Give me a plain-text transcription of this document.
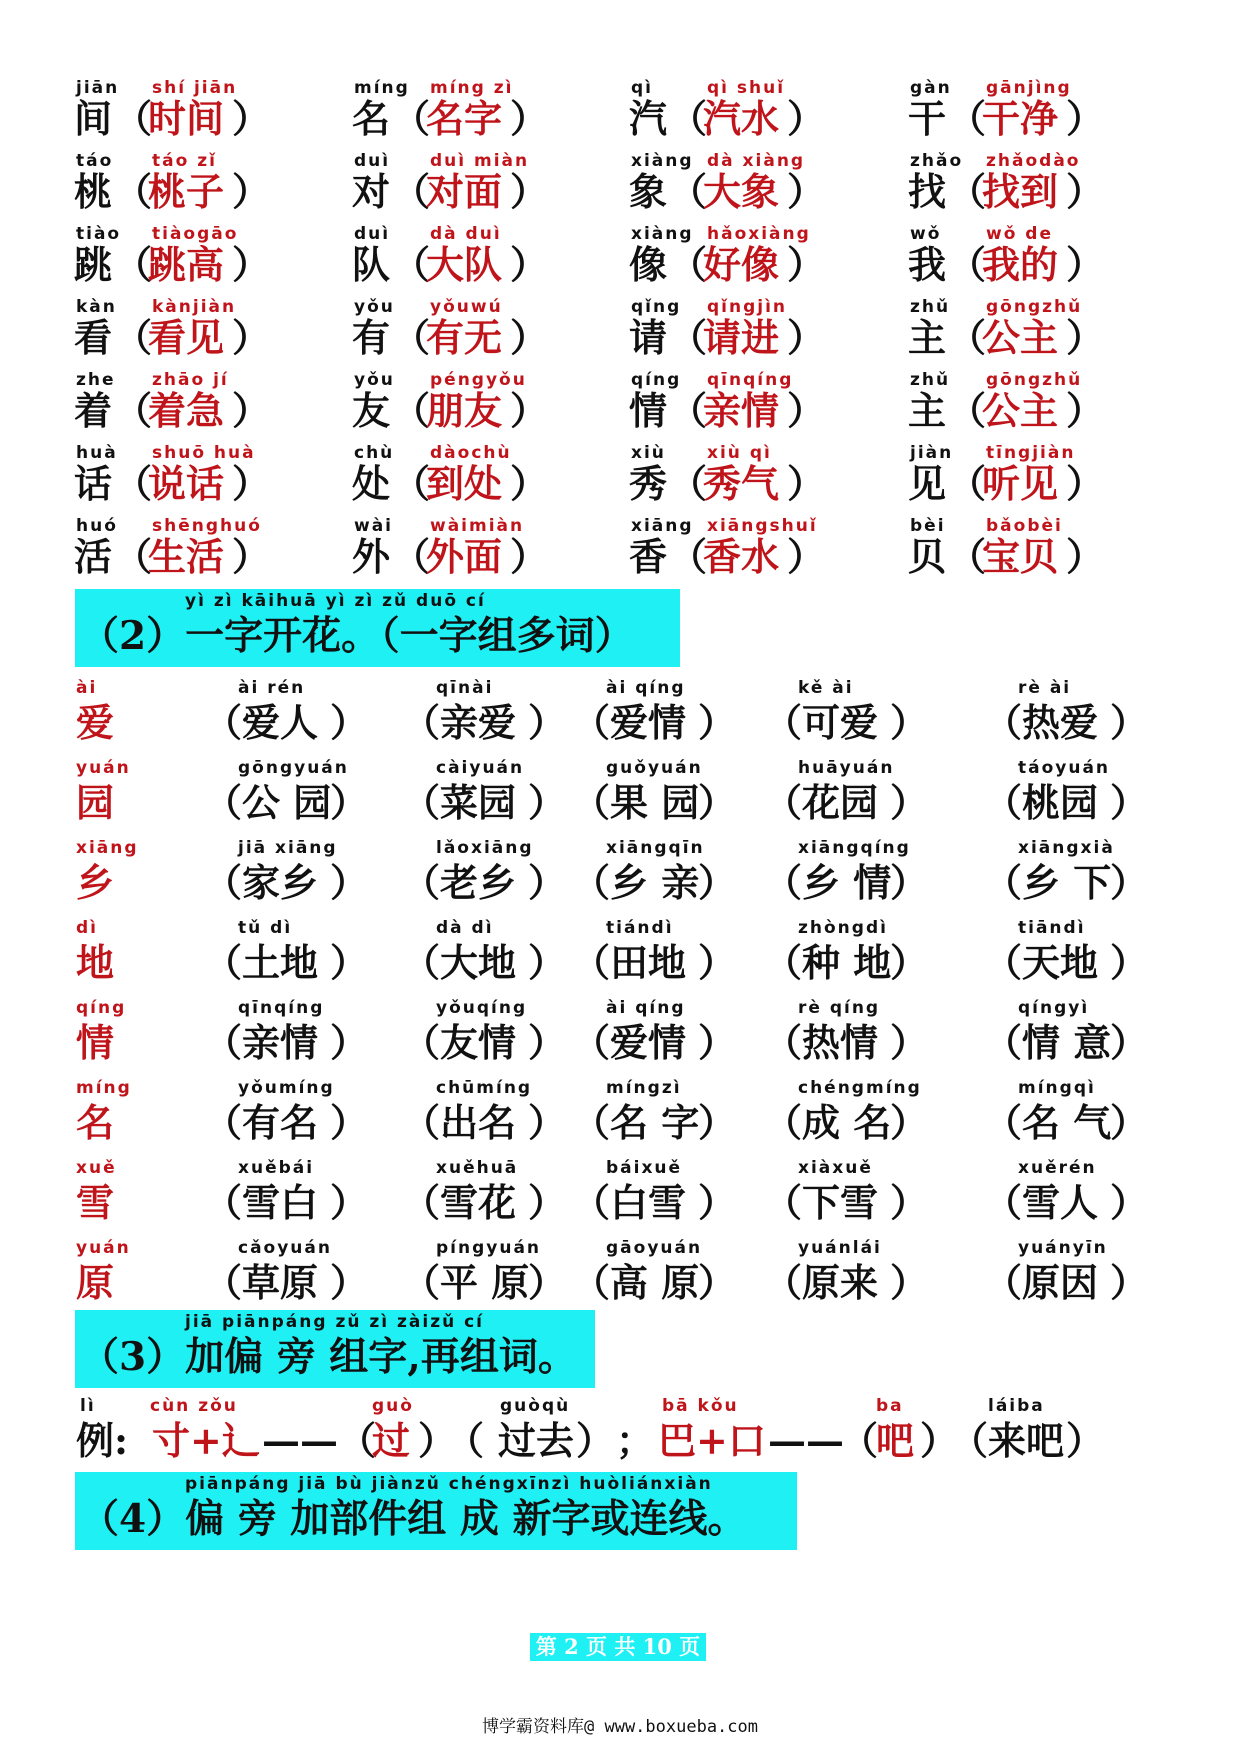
jiān
间 （
shí jiān
时间 ）
míng
名 （
míng zì
名字 ）
qì
汽 （
qì shuǐ
汽水 ）
gàn
干 （
gānjìng
干净 ）
táo
桃 （
táo zǐ
桃子 ）
duì
对 （
duì miàn
对面 ）
xiàng
象 （
dà xiàng
大象 ）
zhǎo
找 （
zhǎodào
找到 ）
tiào
跳 （
tiàogāo
跳高 ）
duì
队 （
dà duì
大队 ）
xiàng
像 （
hǎoxiàng
好像 ）
wǒ
我 （
wǒ de
我的 ）
kàn
看 （
kànjiàn
看见 ）
yǒu
有 （
yǒuwú
有无 ）
qǐng
请 （
qǐngjìn
请进 ）
zhǔ
主 （
gōngzhǔ
公主 ）
zhe
着 （
zhāo jí
着急 ）
yǒu
友 （
péngyǒu
朋友 ）
qíng
情 （
qīnqíng
亲情 ）
zhǔ
主 （
gōngzhǔ
公主 ）
huà
话 （
shuō huà
说话 ）
chù
处 （
dàochù
到处 ）
xiù
秀 （
xiù qì
秀气 ）
jiàn
见 （
tīngjiàn
听见 ）
huó
活 （
shēnghuó
生活 ）
wài
外 （
wàimiàn
外面 ）
xiāng
香 （
xiāngshuǐ
香水 ）
bèi
贝 （
bǎobèi
宝贝 ）
yì zì kāihuā yì zì zǔ duō cí
（2）一字开花。（一字组多词）
ài
爱 （
ài rén
爱人 ） （
qīnài
亲爱 ） （
ài qíng
爱情 ） （
kě ài
可爱 ） （
rè ài
热爱 ）
yuán
园 （
gōngyuán
公 园
） （
càiyuán
菜园 ） （
guǒyuán
果 园
） （
huāyuán
花园 ） （
táoyuán
桃园 ）
xiāng
乡 （
jiā xiāng
家乡 ） （
lǎoxiāng
老乡 ） （
xiāngqīn
乡 亲
） （
xiāngqíng
乡 情
） （
xiāngxià
乡 下
）
dì
地 （
tǔ dì
土地 ） （
dà dì
大地 ） （
tiándì
田地 ） （
zhòngdì
种 地
） （
tiāndì
天地 ）
qíng
情 （
qīnqíng
亲情 ） （
yǒuqíng
友情 ） （
ài qíng
爱情 ） （
rè qíng
热情 ） （
qíngyì
情 意
）
míng
名 （
yǒumíng
有名 ） （
chūmíng
出名 ） （
míngzì
名 字
） （
chéngmíng
成 名
） （
míngqì
名 气
）
xuě
雪 （
xuěbái
雪白 ） （
xuěhuā
雪花 ） （
báixuě
白雪 ） （
xiàxuě
下雪 ） （
xuěrén
雪人 ）
yuán
原 （
cǎoyuán
草原 ） （
píngyuán
平 原
） （
gāoyuán
高 原
） （
yuánlái
原来 ） （
yuányīn
原因 ）
jiā piānpáng zǔ zì zàizǔ cí
（3）加偏 旁 组字,再组词。
lì
例:
cùn zǒu
寸+辶 —— （
guò
过 ）
（
guòqù
过去 ） ；
bā kǒu
巴+口 ——
（
ba
吧 ）
（
láiba
来吧 ）
piānpáng jiā bù jiànzǔ chéngxīnzì huòliánxiàn
（4）偏 旁 加部件组 成 新字或连线。
第 2 页 共 10 页
博学霸资料库@ www.boxueba.com
